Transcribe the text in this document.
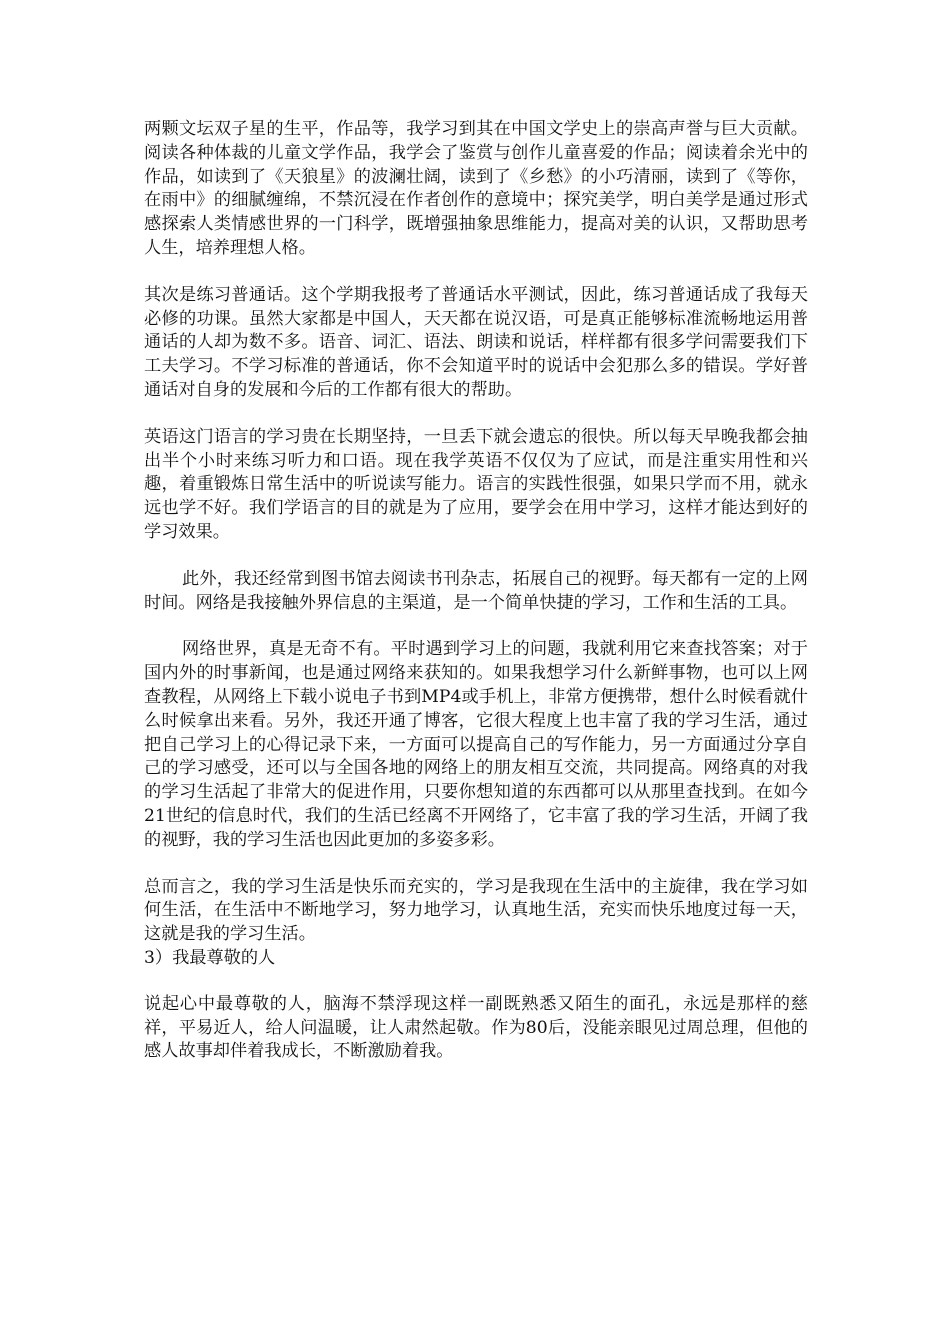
两颗文坛双子星的生平，作品等，我学习到其在中国文学史上的崇高声誉与巨大贡献。阅读各种体裁的儿童文学作品，我学会了鉴赏与创作儿童喜爱的作品；阅读着余光中的作品，如读到了《天狼星》的波澜壮阔，读到了《乡愁》的小巧清丽，读到了《等你，在雨中》的细腻缠绵，不禁沉浸在作者创作的意境中；探究美学，明白美学是通过形式感探索人类情感世界的一门科学，既增强抽象思维能力，提高对美的认识，又帮助思考人生，培养理想人格。

其次是练习普通话。这个学期我报考了普通话水平测试，因此，练习普通话成了我每天必修的功课。虽然大家都是中国人，天天都在说汉语，可是真正能够标准流畅地运用普通话的人却为数不多。语音、词汇、语法、朗读和说话，样样都有很多学问需要我们下工夫学习。不学习标准的普通话，你不会知道平时的说话中会犯那么多的错误。学好普通话对自身的发展和今后的工作都有很大的帮助。

英语这门语言的学习贵在长期坚持，一旦丢下就会遗忘的很快。所以每天早晚我都会抽出半个小时来练习听力和口语。现在我学英语不仅仅为了应试，而是注重实用性和兴趣，着重锻炼日常生活中的听说读写能力。语言的实践性很强，如果只学而不用，就永远也学不好。我们学语言的目的就是为了应用，要学会在用中学习，这样才能达到好的学习效果。

此外，我还经常到图书馆去阅读书刊杂志，拓展自己的视野。每天都有一定的上网时间。网络是我接触外界信息的主渠道，是一个简单快捷的学习，工作和生活的工具。

网络世界，真是无奇不有。平时遇到学习上的问题，我就利用它来查找答案；对于国内外的时事新闻，也是通过网络来获知的。如果我想学习什么新鲜事物，也可以上网查教程，从网络上下载小说电子书到MP4或手机上，非常方便携带，想什么时候看就什么时候拿出来看。另外，我还开通了博客，它很大程度上也丰富了我的学习生活，通过把自己学习上的心得记录下来，一方面可以提高自己的写作能力，另一方面通过分享自己的学习感受，还可以与全国各地的网络上的朋友相互交流，共同提高。网络真的对我的学习生活起了非常大的促进作用，只要你想知道的东西都可以从那里查找到。在如今21世纪的信息时代，我们的生活已经离不开网络了，它丰富了我的学习生活，开阔了我的视野，我的学习生活也因此更加的多姿多彩。

总而言之，我的学习生活是快乐而充实的，学习是我现在生活中的主旋律，我在学习如何生活，在生活中不断地学习，努力地学习，认真地生活，充实而快乐地度过每一天，这就是我的学习生活。

3）我最尊敬的人

说起心中最尊敬的人，脑海不禁浮现这样一副既熟悉又陌生的面孔，永远是那样的慈祥，平易近人，给人问温暖，让人肃然起敬。作为80后，没能亲眼见过周总理，但他的感人故事却伴着我成长，不断激励着我。
